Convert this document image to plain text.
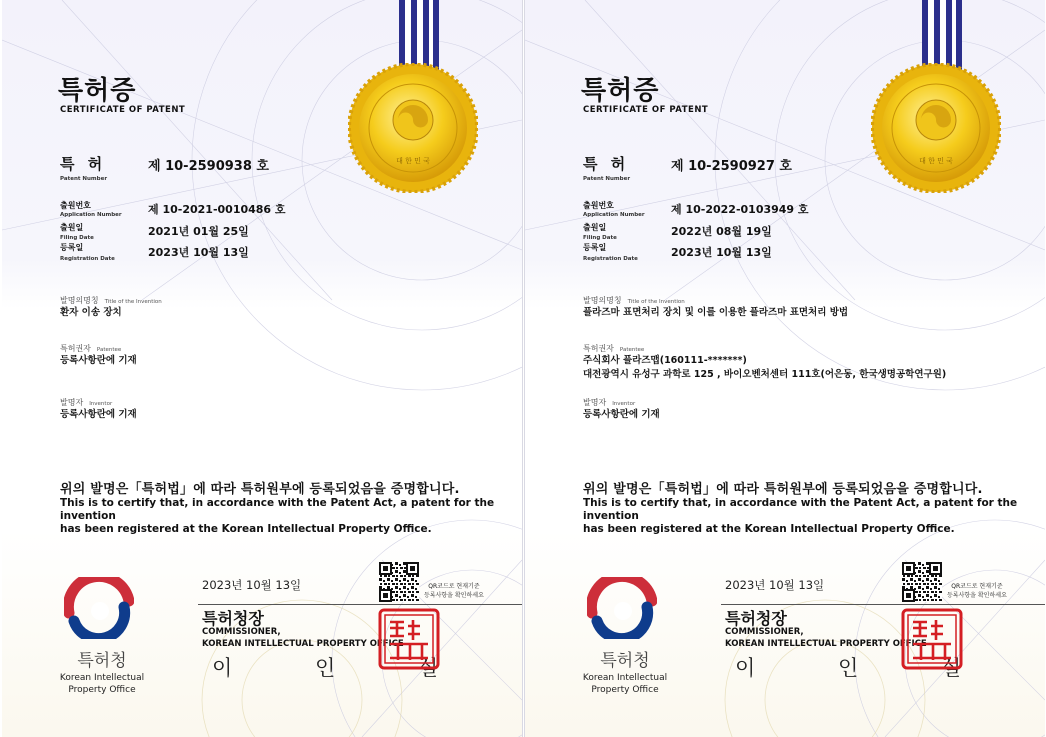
대 한 민 국
특허증
CERTIFICATE OF PATENT
특 허
Patent Number
제 10-2590938 호
출원번호
Application Number 제 10-2021-0010486 호
출원일
Filing Date	2021년 01월 25일
등록일
Registration Date	2023년 10월 13일
발명의명칭 Title of the Invention
환자 이송 장치
특허권자 Patentee
등록사항란에 기재
발명자 Inventor
등록사항란에 기재
위의 발명은「특허법」에 따라 특허원부에 등록되었음을 증명합니다.
This is to certify that, in accordance with the Patent Act, a patent for the invention
has been registered at the Korean Intellectual Property Office.
특허청
Korean Intellectual
Property Office
2023년 10월 13일	QR코드로 현재기준
등록사항을 확인하세요
특허청장
COMMISSIONER,
KOREAN INTELLECTUAL PROPERTY OFFICE
이 인 실
대 한 민 국
특허증
CERTIFICATE OF PATENT
특 허
Patent Number
제 10-2590927 호
출원번호
Application Number 제 10-2022-0103949 호
출원일
Filing Date	2022년 08월 19일
등록일
Registration Date	2023년 10월 13일
발명의명칭 Title of the Invention
플라즈마 표면처리 장치 및 이를 이용한 플라즈마 표면처리 방법
특허권자 Patentee
주식회사 플라즈맵(160111-*******)
대전광역시 유성구 과학로 125 , 바이오벤처센터 111호(어은동, 한국생명공학연구원)
발명자 Inventor
등록사항란에 기재
위의 발명은「특허법」에 따라 특허원부에 등록되었음을 증명합니다.
This is to certify that, in accordance with the Patent Act, a patent for the invention
has been registered at the Korean Intellectual Property Office.
특허청
Korean Intellectual
Property Office
2023년 10월 13일	QR코드로 현재기준
등록사항을 확인하세요
특허청장
COMMISSIONER,
KOREAN INTELLECTUAL PROPERTY OFFICE
이 인 실
